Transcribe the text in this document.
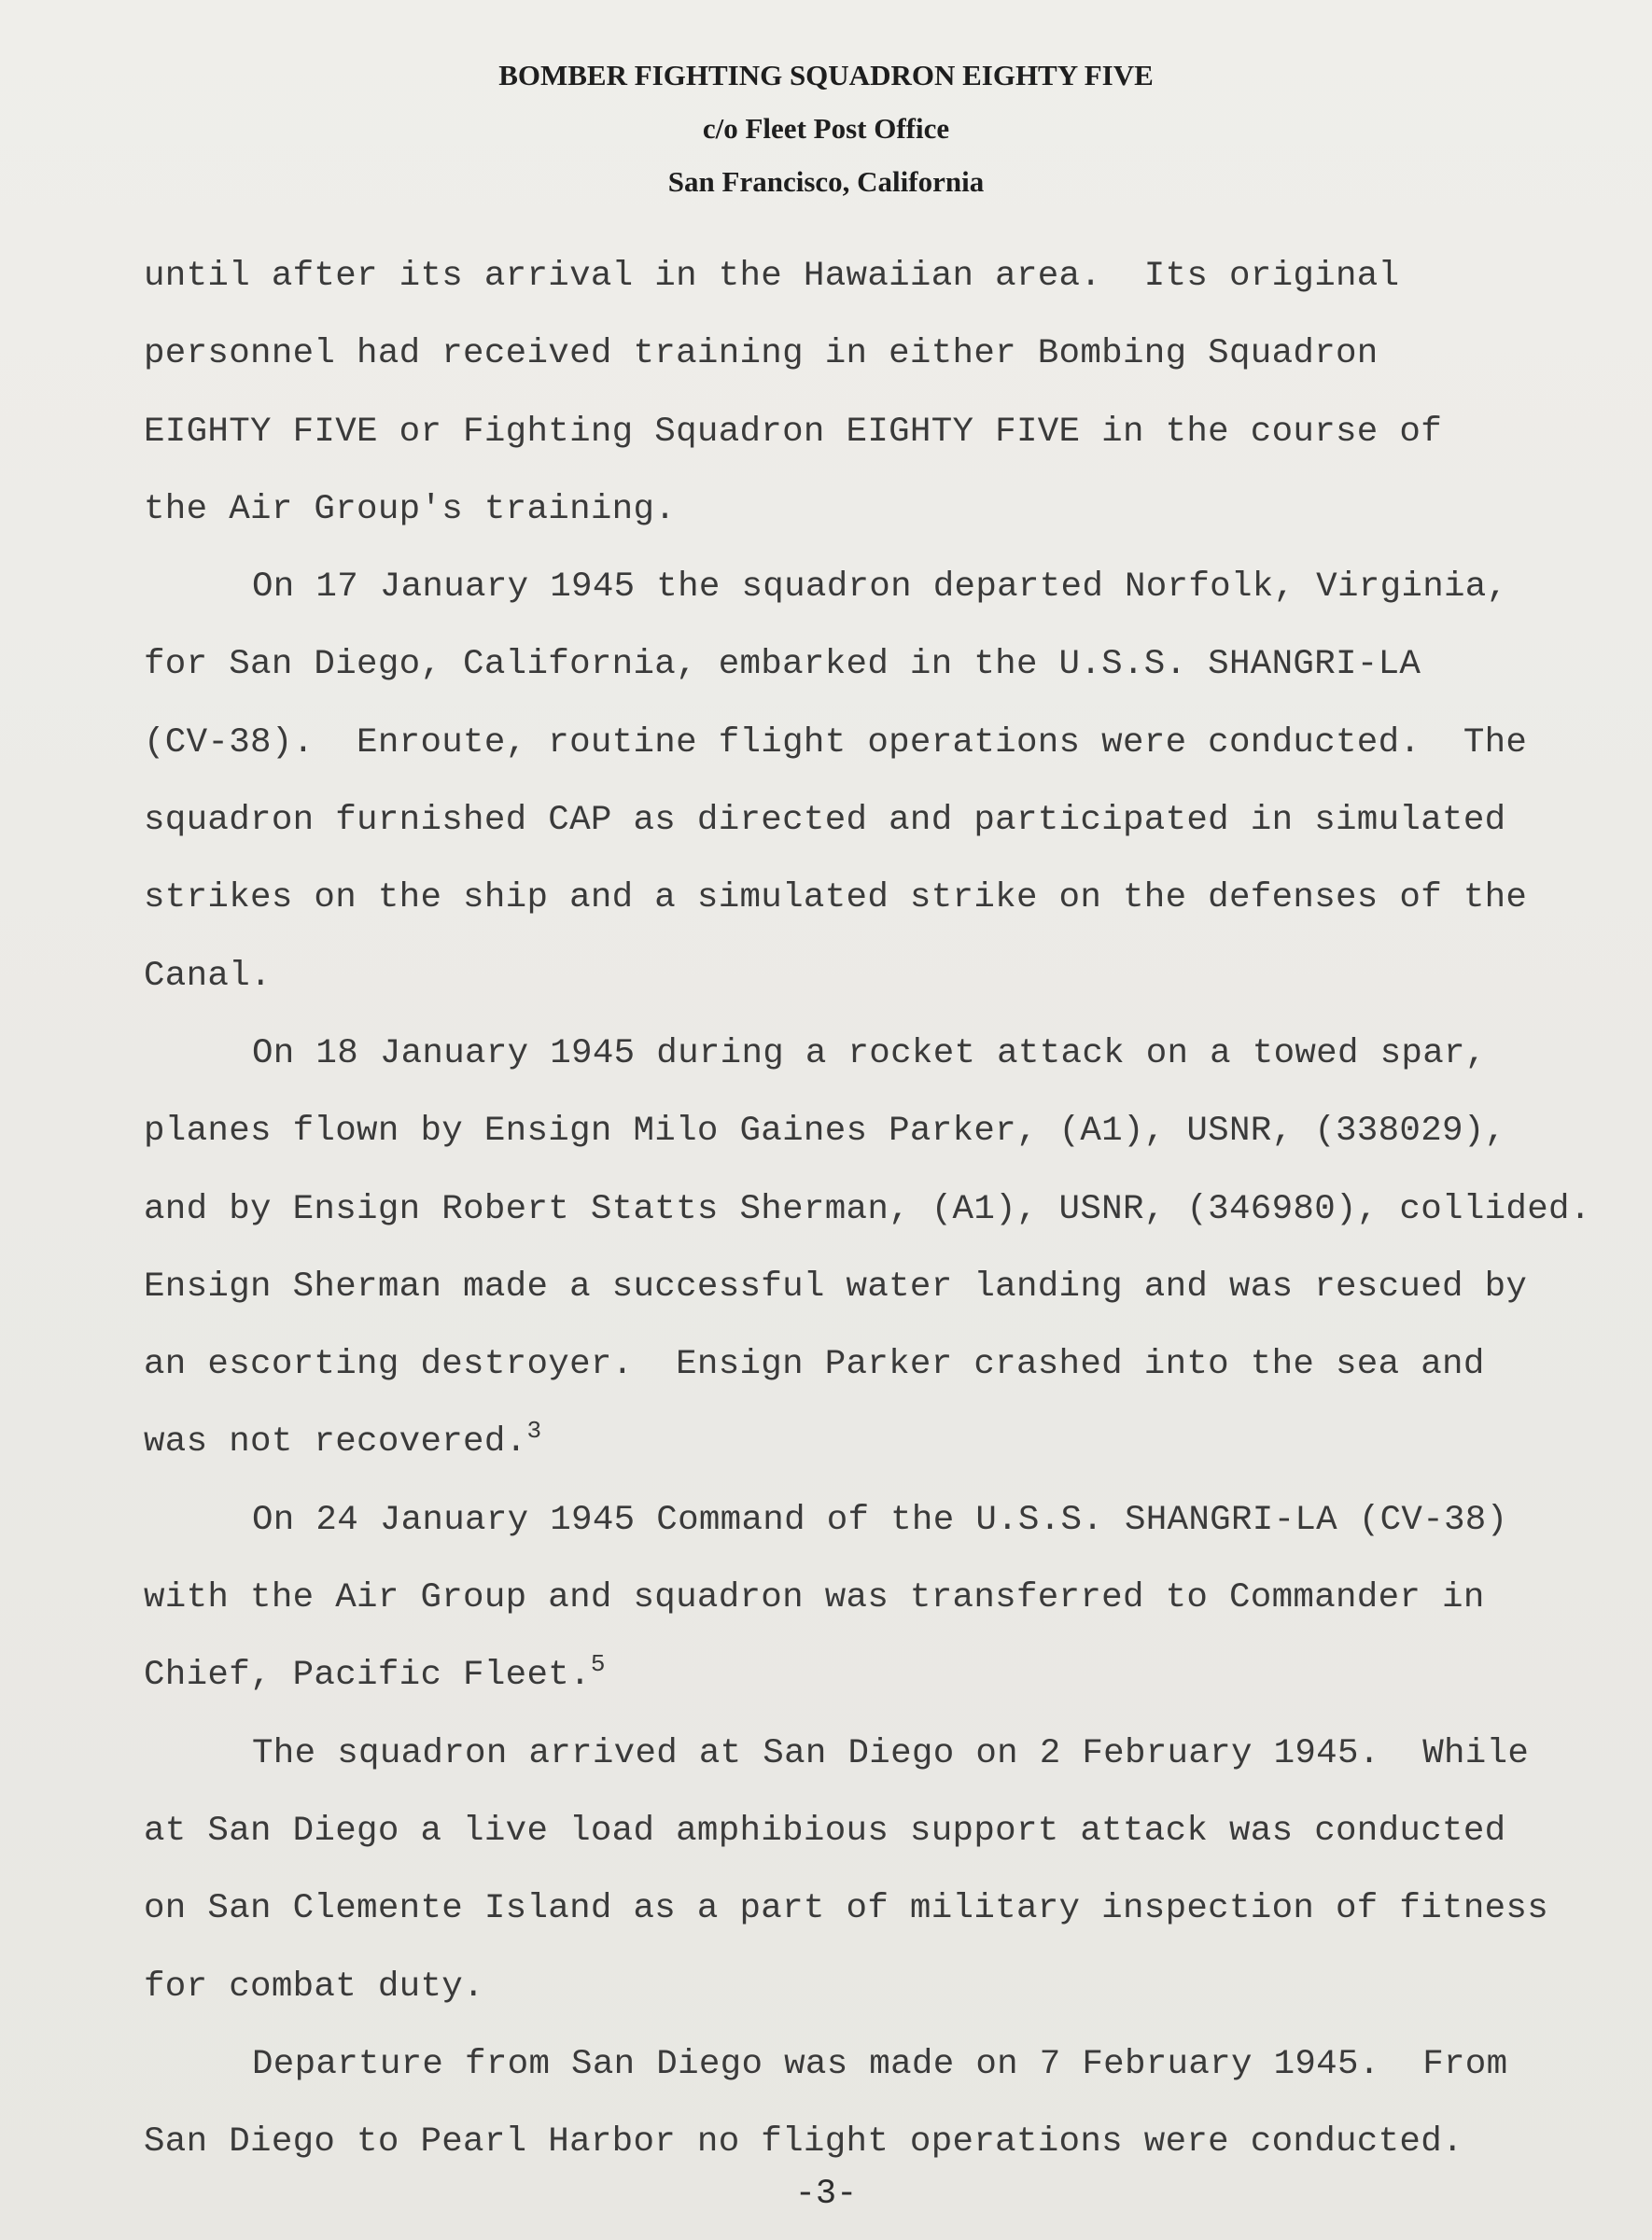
BOMBER FIGHTING SQUADRON EIGHTY FIVE
c/o Fleet Post Office
San Francisco, California
until after its arrival in the Hawaiian area.  Its original
personnel had received training in either Bombing Squadron
EIGHTY FIVE or Fighting Squadron EIGHTY FIVE in the course of
the Air Group's training.
On 17 January 1945 the squadron departed Norfolk, Virginia,
for San Diego, California, embarked in the U.S.S. SHANGRI-LA
(CV-38).  Enroute, routine flight operations were conducted.  The
squadron furnished CAP as directed and participated in simulated
strikes on the ship and a simulated strike on the defenses of the
Canal.
On 18 January 1945 during a rocket attack on a towed spar,
planes flown by Ensign Milo Gaines Parker, (A1), USNR, (338029),
and by Ensign Robert Statts Sherman, (A1), USNR, (346980), collided.
Ensign Sherman made a successful water landing and was rescued by
an escorting destroyer.  Ensign Parker crashed into the sea and
was not recovered.$^3$
On 24 January 1945 Command of the U.S.S. SHANGRI-LA (CV-38)
with the Air Group and squadron was transferred to Commander in
Chief, Pacific Fleet.$^5$
The squadron arrived at San Diego on 2 February 1945.  While
at San Diego a live load amphibious support attack was conducted
on San Clemente Island as a part of military inspection of fitness
for combat duty.
Departure from San Diego was made on 7 February 1945.  From
San Diego to Pearl Harbor no flight operations were conducted.
-3-
